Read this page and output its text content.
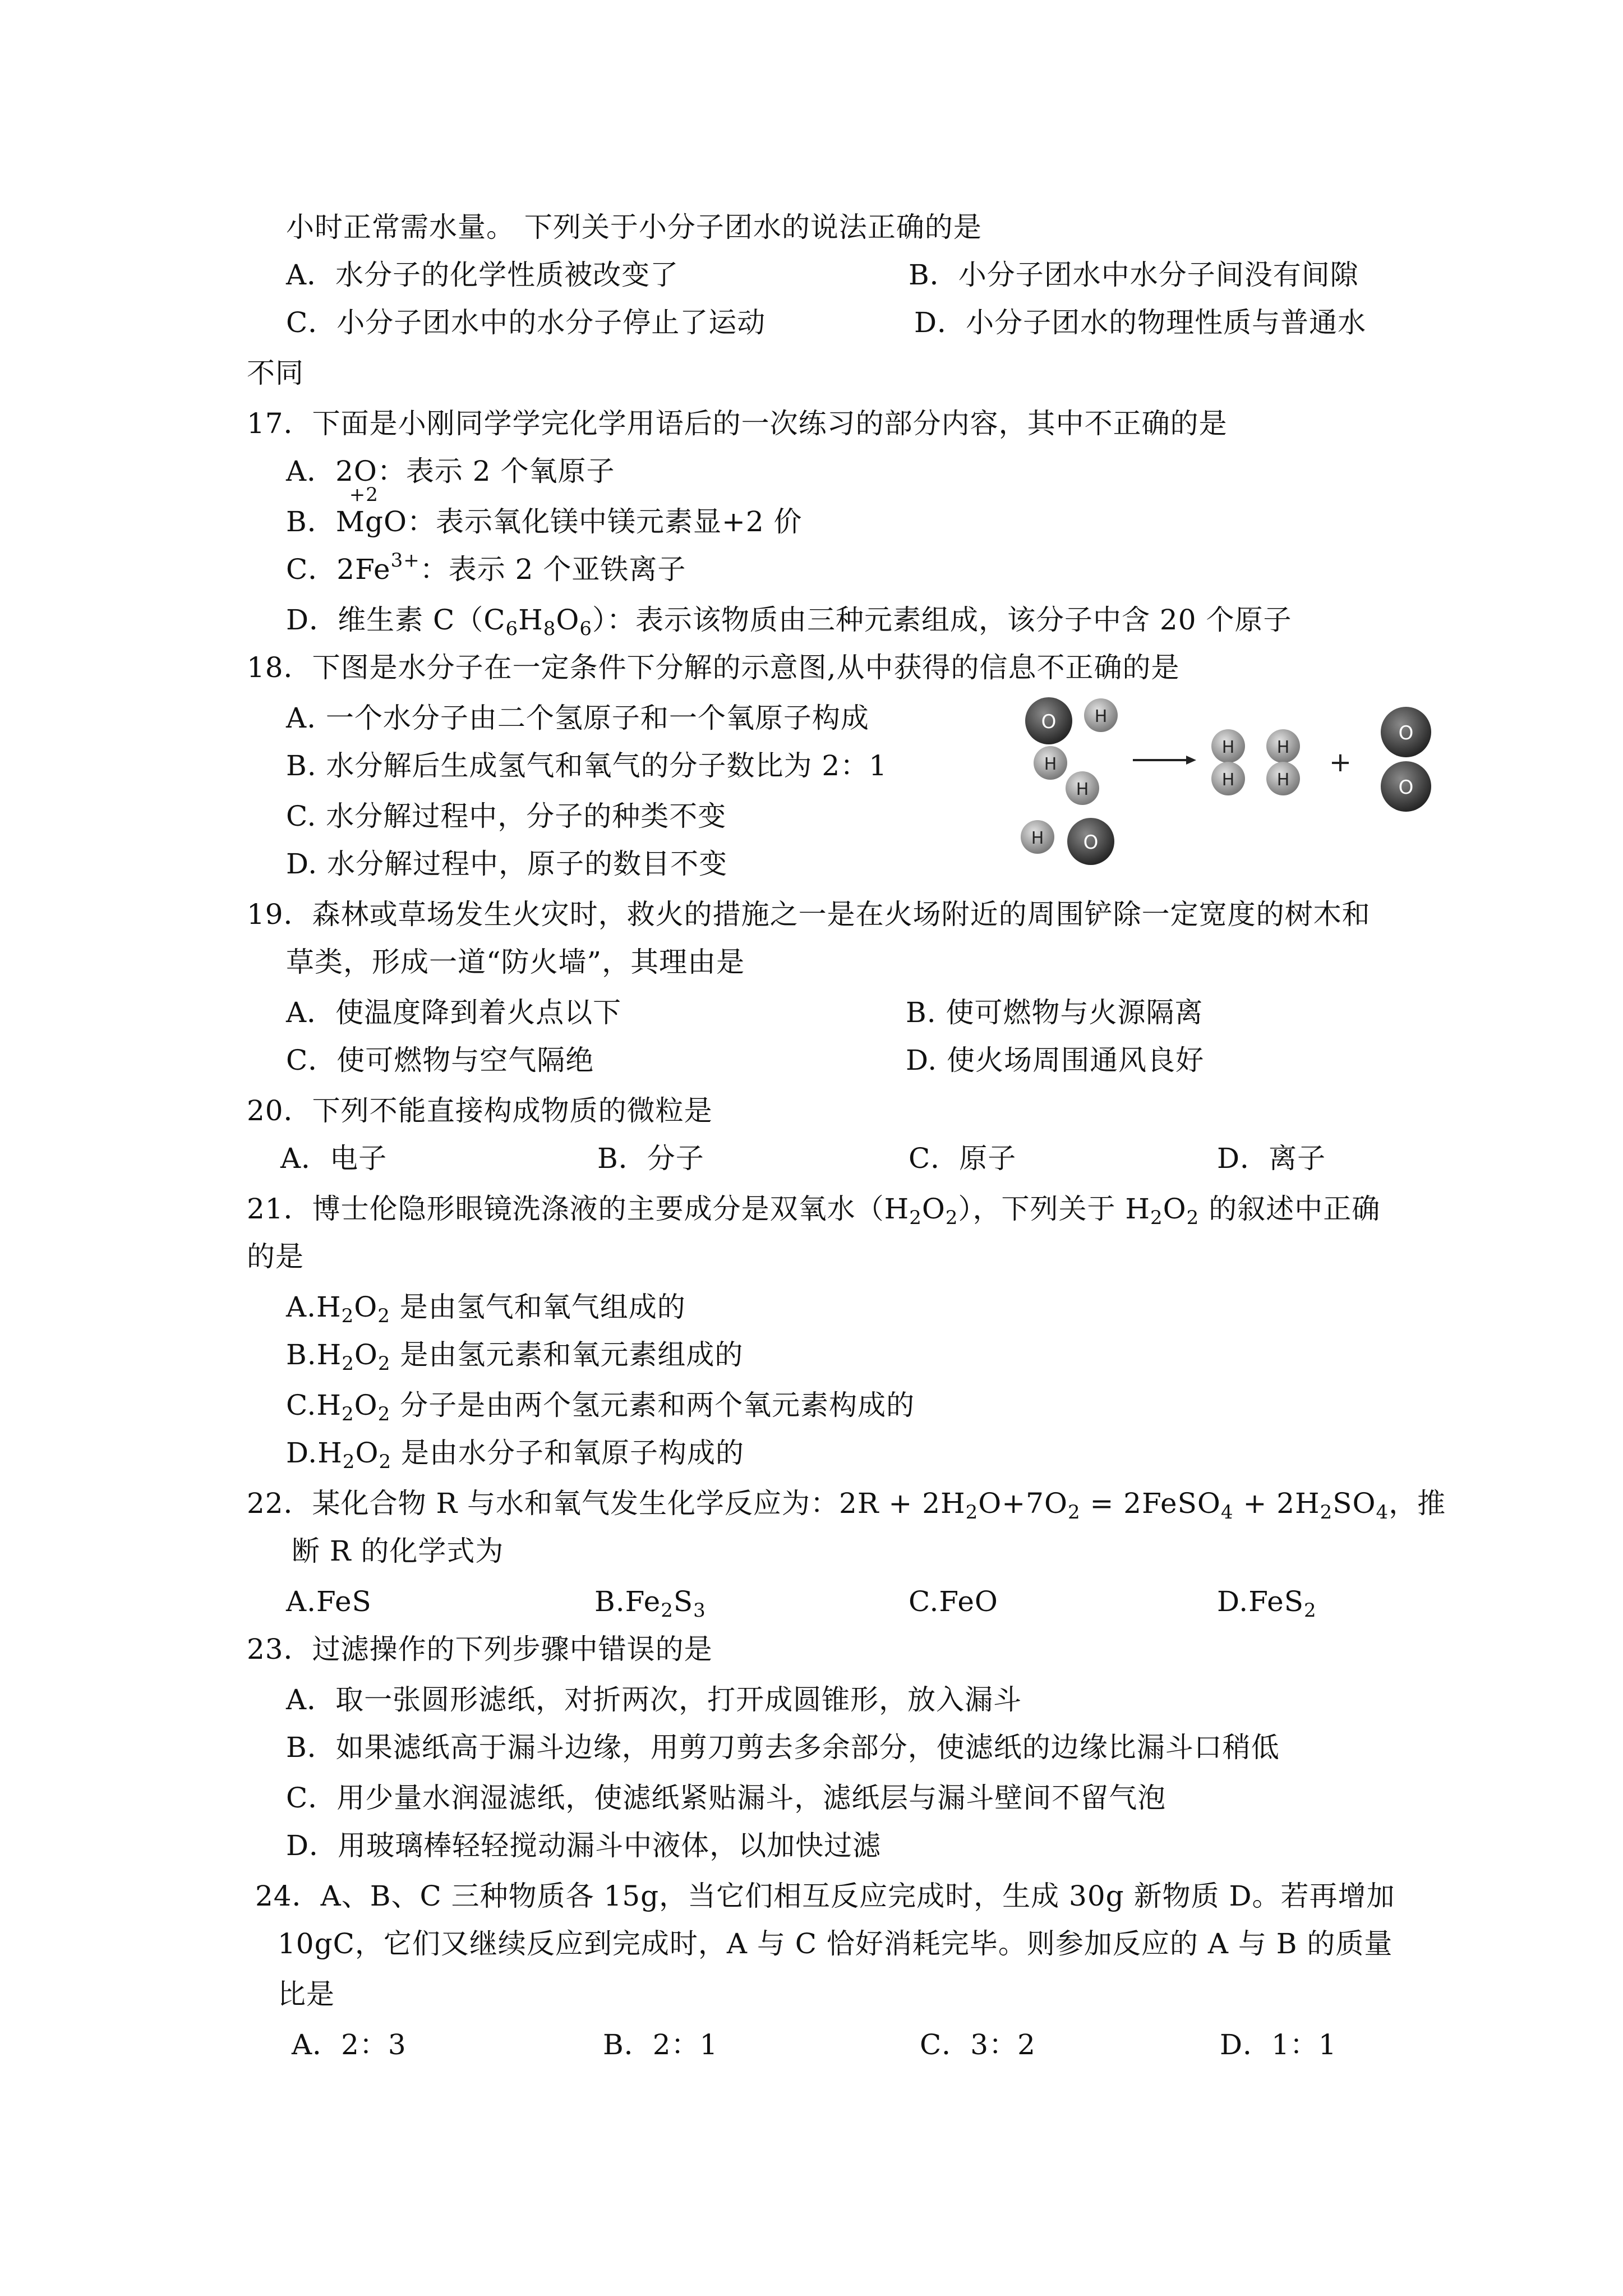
小时正常需水量。 下列关于小分子团水的说法正确的是
A．水分子的化学性质被改变了	B．小分子团水中水分子间没有间隙
C．小分子团水中的水分子停止了运动	D．小分子团水的物理性质与普通水
不同
17．下面是小刚同学学完化学用语后的一次练习的部分内容，其中不正确的是
A．2O：表示 2 个氧原子
B．
+2
MgO：表示氧化镁中镁元素显+2 价
C．$2Fe^{3+}$：表示 2 个亚铁离子
D．维生素 $C(C_6H_8O_6)$：表示该物质由三种元素组成，该分子中含 20 个原子
18．下图是水分子在一定条件下分解的示意图,从中获得的信息不正确的是
A. 一个水分子由二个氢原子和一个氧原子构成
B. 水分解后生成氢气和氧气的分子数比为 2：1
C. 水分解过程中，分子的种类不变
D. 水分解过程中，原子的数目不变
O H
H
H
O
H
H
H
H
H
+
O
O
19．森林或草场发生火灾时，救火的措施之一是在火场附近的周围铲除一定宽度的树木和
草类，形成一道“防火墙”，其理由是
A．使温度降到着火点以下	B. 使可燃物与火源隔离
C．使可燃物与空气隔绝	D. 使火场周围通风良好
20．下列不能直接构成物质的微粒是
A．电子	B．分子	C．原子	D．离子
21．博士伦隐形眼镜洗涤液的主要成分是双氧水$(H_2O_2)$，下列关于 $H_2O_2$ 的叙述中正确
的是
$A.H_2O_2$ 是由氢气和氧气组成的
$B.H_2O_2$ 是由氢元素和氧元素组成的
$C.H_2O_2$ 分子是由两个氢元素和两个氧元素构成的
$D.H_2O_2$ 是由水分子和氧原子构成的
22．某化合物 R 与水和氧气发生化学反应为：$2R + 2H_2O+7O_2$ = 2FeSO$_4$ + $2H_2SO_4$，推
断 R 的化学式为
A.FeS	$B.Fe_2S_3$	C.FeO	D.FeS$_2$
23．过滤操作的下列步骤中错误的是
A．取一张圆形滤纸，对折两次，打开成圆锥形，放入漏斗
B．如果滤纸高于漏斗边缘，用剪刀剪去多余部分，使滤纸的边缘比漏斗口稍低
C．用少量水润湿滤纸，使滤纸紧贴漏斗，滤纸层与漏斗壁间不留气泡
D．用玻璃棒轻轻搅动漏斗中液体，以加快过滤
24．A、B、C 三种物质各 15g，当它们相互反应完成时，生成 30g 新物质 D。若再增加
10gC，它们又继续反应到完成时，A 与 C 恰好消耗完毕。则参加反应的 A 与 B 的质量
比是
A．2：3	B．2：1	C．3：2	D．1：1
